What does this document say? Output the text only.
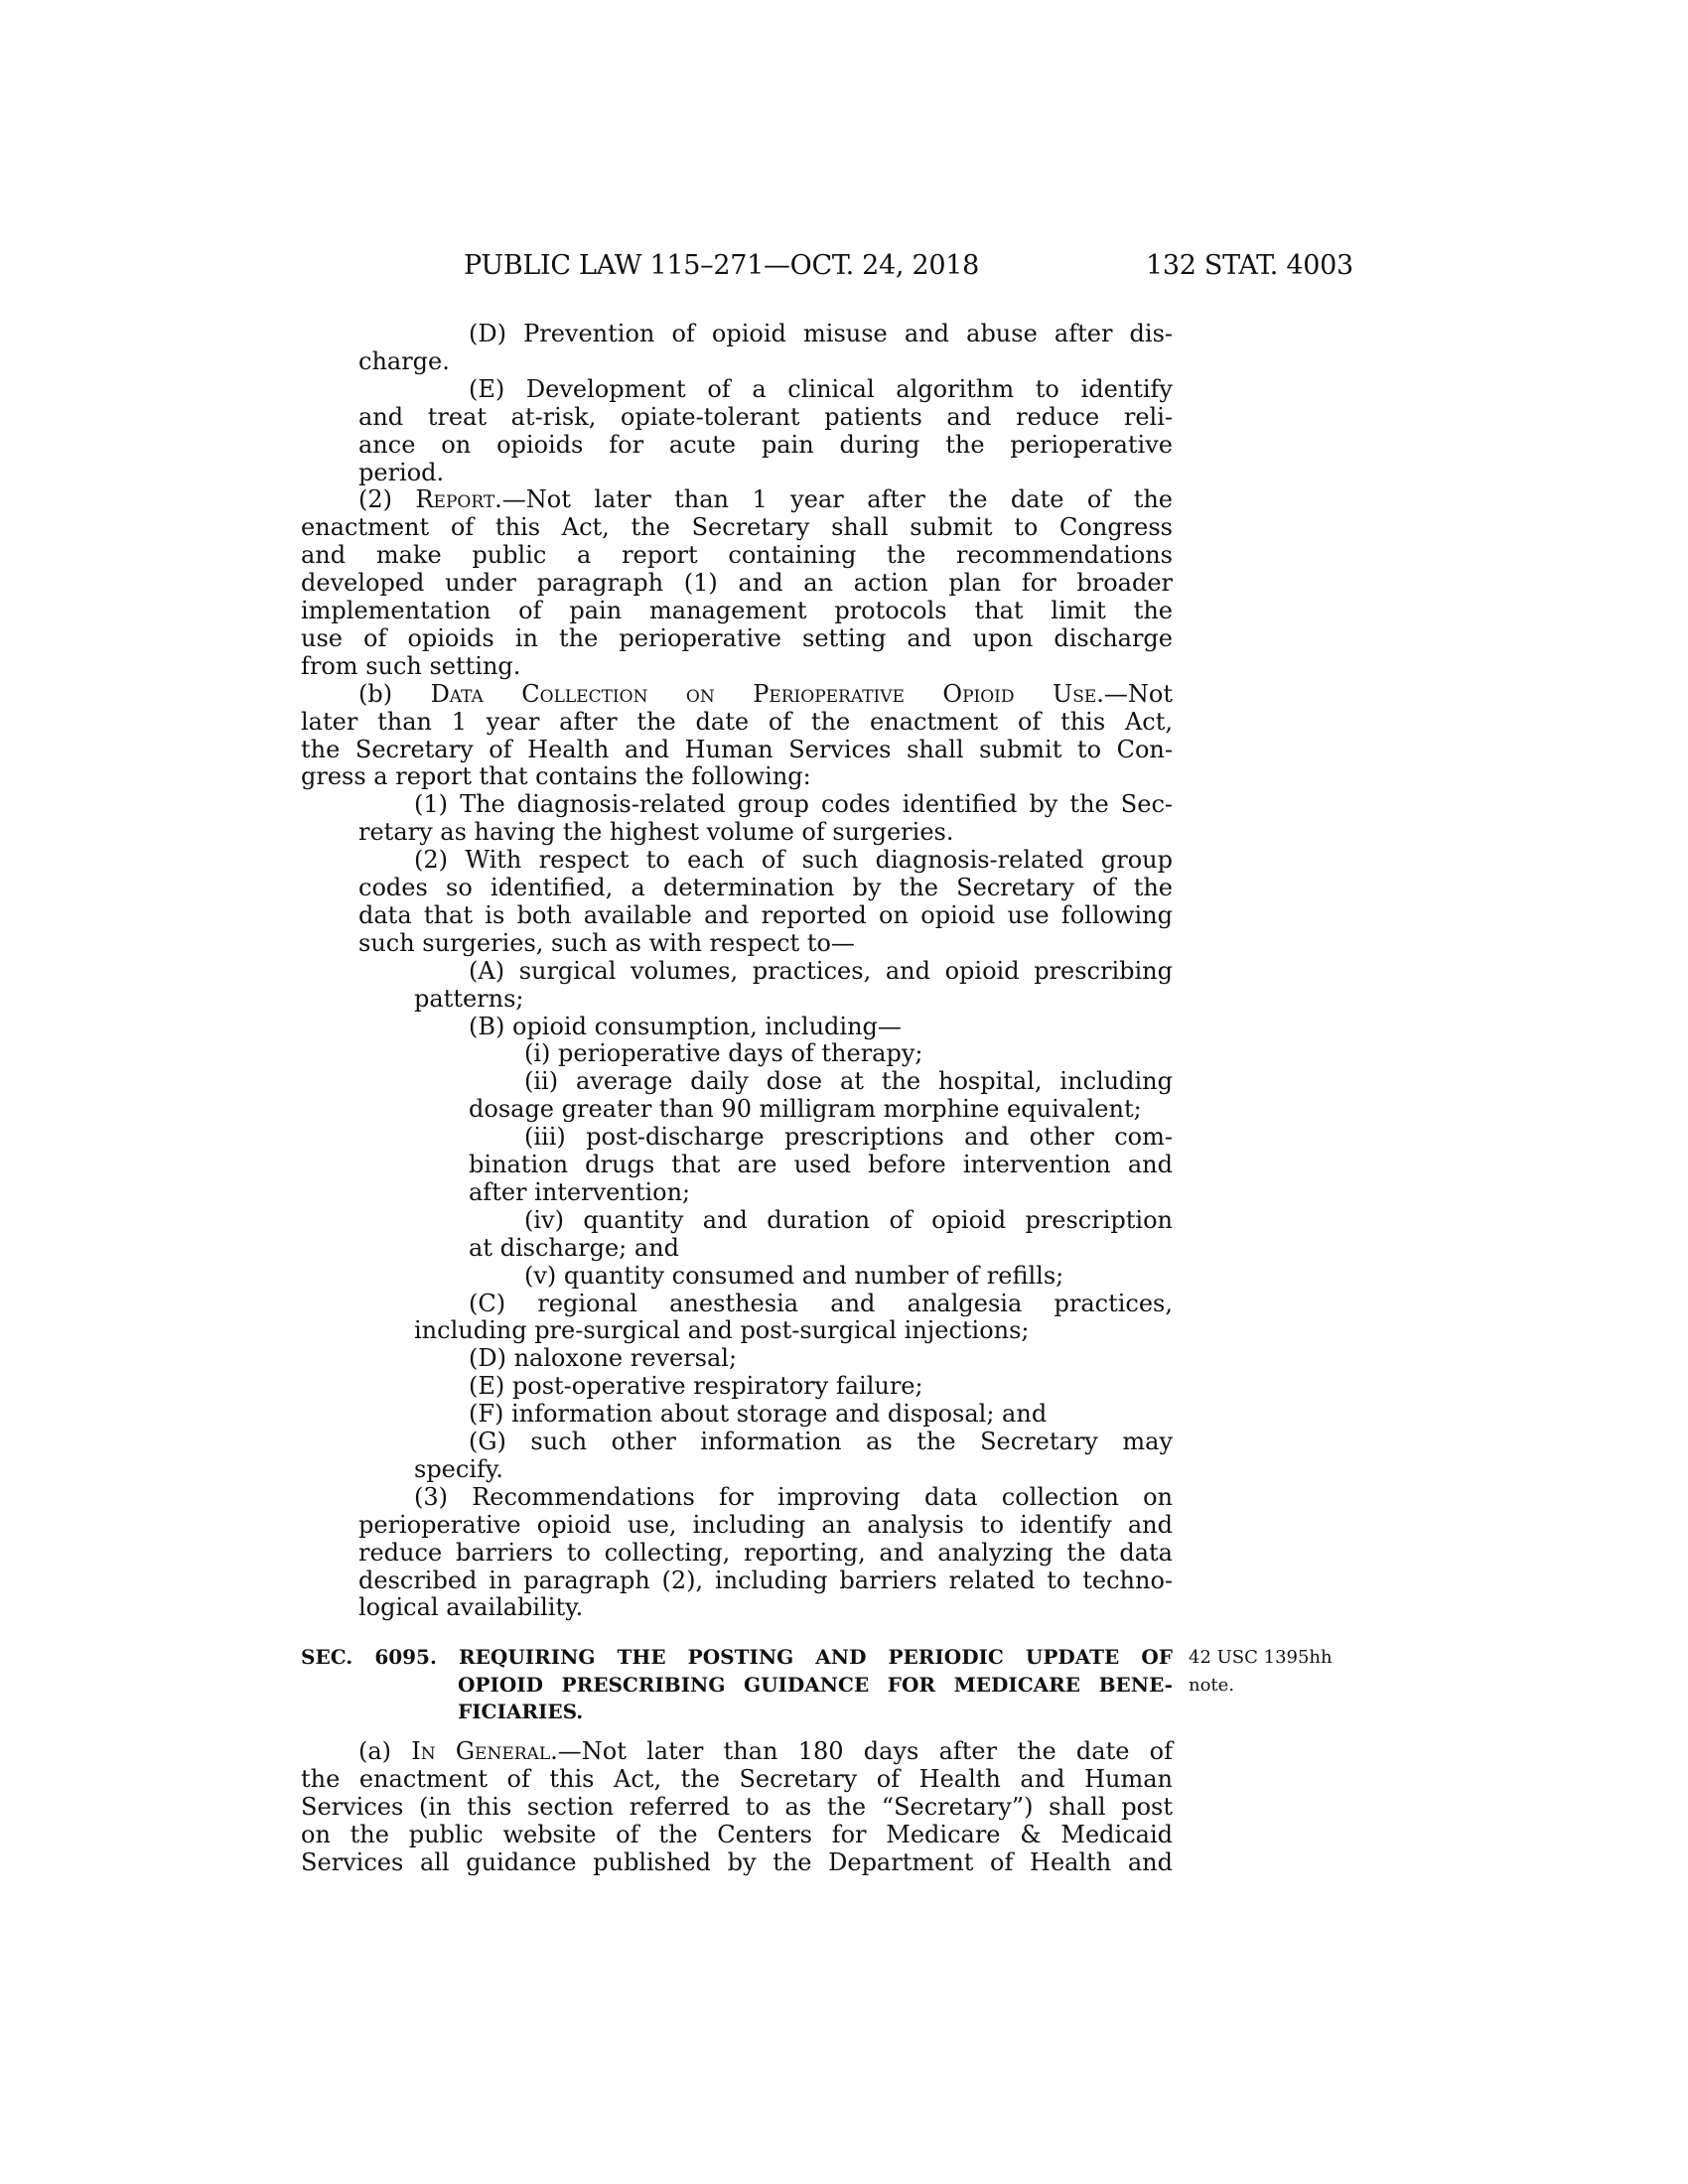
PUBLIC LAW 115–271—OCT. 24, 2018	132 STAT. 4003
(D) Prevention of opioid misuse and abuse after dis-
charge.
(E) Development of a clinical algorithm to identify
and treat at-risk, opiate-tolerant patients and reduce reli-
ance on opioids for acute pain during the perioperative
period.
(2) Report.—Not later than 1 year after the date of the
enactment of this Act, the Secretary shall submit to Congress
and make public a report containing the recommendations
developed under paragraph (1) and an action plan for broader
implementation of pain management protocols that limit the
use of opioids in the perioperative setting and upon discharge
from such setting.
(b) Data Collection on Perioperative Opioid Use.—Not
later than 1 year after the date of the enactment of this Act,
the Secretary of Health and Human Services shall submit to Con-
gress a report that contains the following:
(1) The diagnosis-related group codes identified by the Sec-
retary as having the highest volume of surgeries.
(2) With respect to each of such diagnosis-related group
codes so identified, a determination by the Secretary of the
data that is both available and reported on opioid use following
such surgeries, such as with respect to—
(A) surgical volumes, practices, and opioid prescribing
patterns;
(B) opioid consumption, including—
(i) perioperative days of therapy;
(ii) average daily dose at the hospital, including
dosage greater than 90 milligram morphine equivalent;
(iii) post-discharge prescriptions and other com-
bination drugs that are used before intervention and
after intervention;
(iv) quantity and duration of opioid prescription
at discharge; and
(v) quantity consumed and number of refills;
(C) regional anesthesia and analgesia practices,
including pre-surgical and post-surgical injections;
(D) naloxone reversal;
(E) post-operative respiratory failure;
(F) information about storage and disposal; and
(G) such other information as the Secretary may
specify.
(3) Recommendations for improving data collection on
perioperative opioid use, including an analysis to identify and
reduce barriers to collecting, reporting, and analyzing the data
described in paragraph (2), including barriers related to techno-
logical availability.
SEC. 6095. REQUIRING THE POSTING AND PERIODIC UPDATE OF
OPIOID PRESCRIBING GUIDANCE FOR MEDICARE BENE-
FICIARIES.
42 USC 1395hh
note.
(a) In General.—Not later than 180 days after the date of
the enactment of this Act, the Secretary of Health and Human
Services (in this section referred to as the “Secretary”) shall post
on the public website of the Centers for Medicare & Medicaid
Services all guidance published by the Department of Health and
